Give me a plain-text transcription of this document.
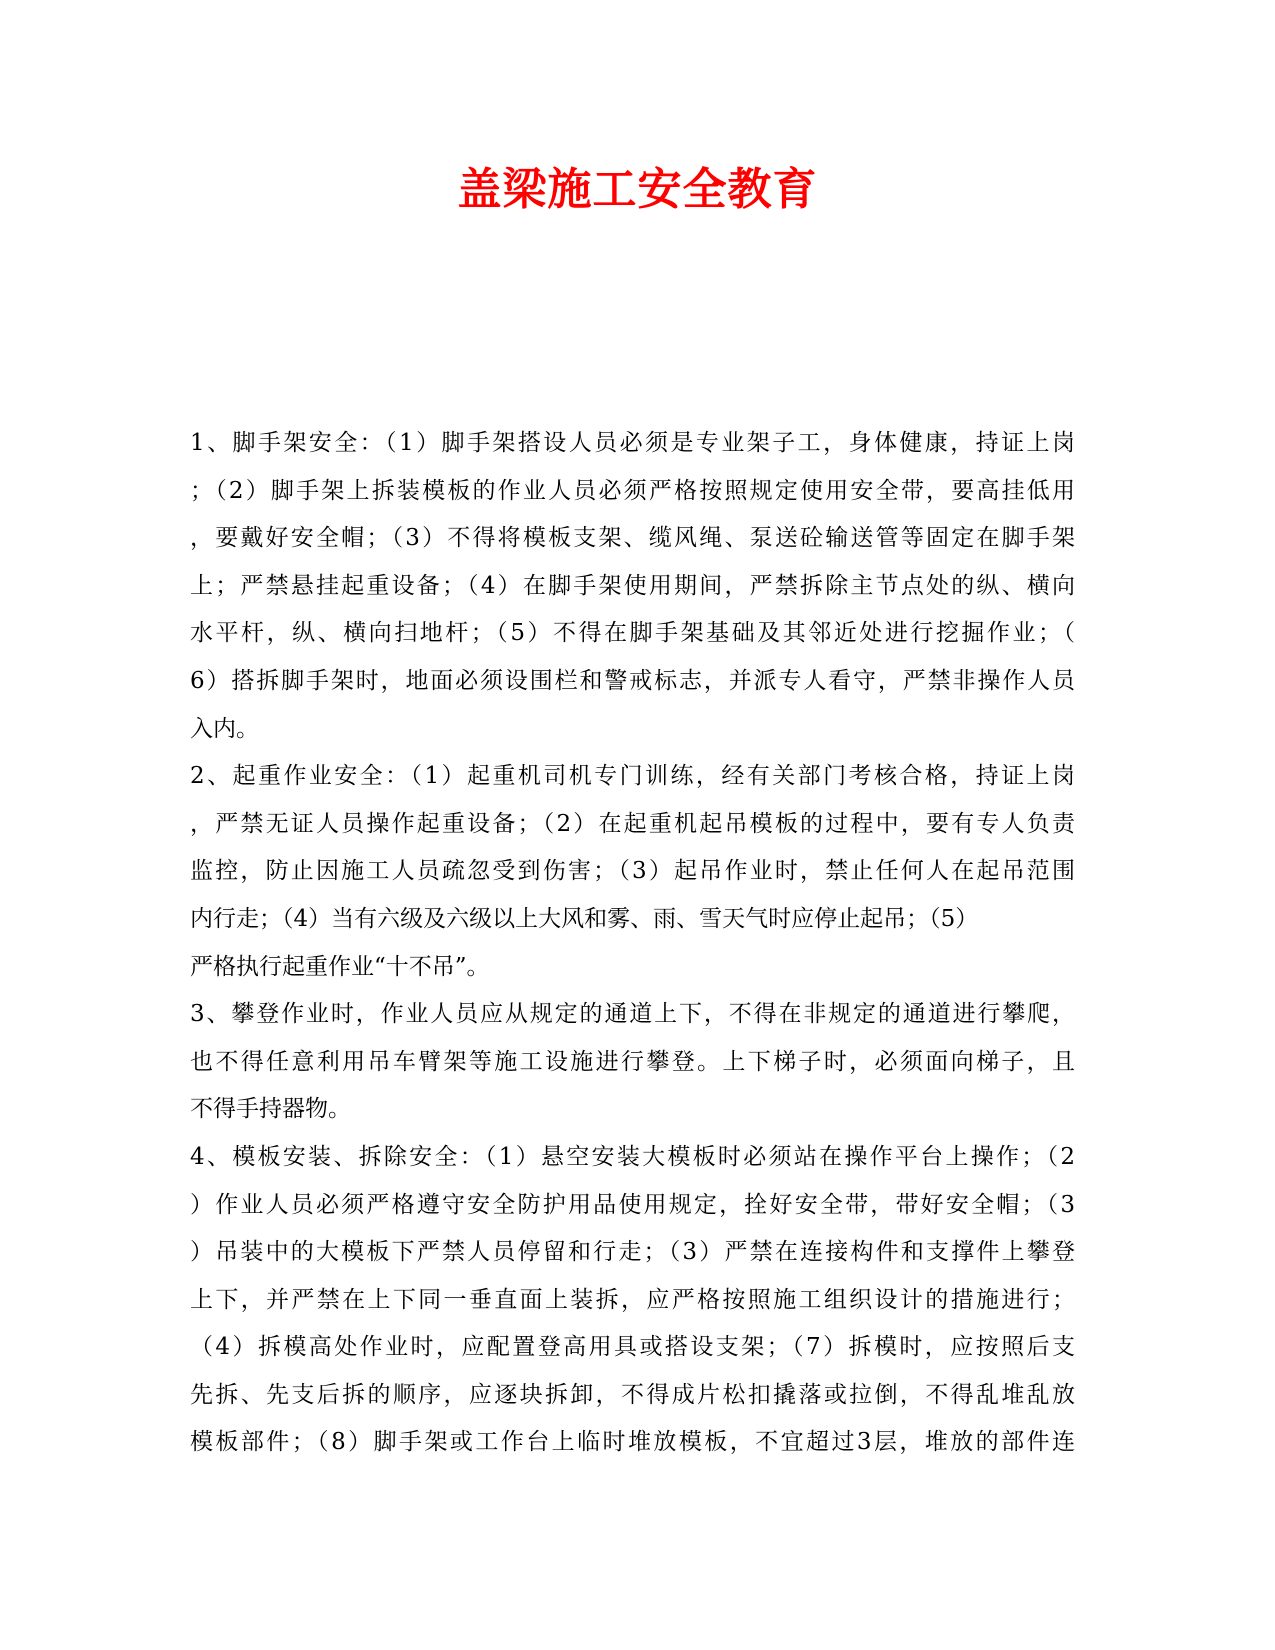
盖梁施工安全教育
1、脚手架安全：（1）脚手架搭设人员必须是专业架子工，身体健康，持证上岗
；（2）脚手架上拆装模板的作业人员必须严格按照规定使用安全带，要高挂低用
，要戴好安全帽；（3）不得将模板支架、缆风绳、泵送砼输送管等固定在脚手架
上；严禁悬挂起重设备；（4）在脚手架使用期间，严禁拆除主节点处的纵、横向
水平杆，纵、横向扫地杆；（5）不得在脚手架基础及其邻近处进行挖掘作业；（
6）搭拆脚手架时，地面必须设围栏和警戒标志，并派专人看守，严禁非操作人员
入内。
2、起重作业安全：（1）起重机司机专门训练，经有关部门考核合格，持证上岗
，严禁无证人员操作起重设备；（2）在起重机起吊模板的过程中，要有专人负责
监控，防止因施工人员疏忽受到伤害；（3）起吊作业时，禁止任何人在起吊范围
内行走；（4）当有六级及六级以上大风和雾、雨、雪天气时应停止起吊；（5）
严格执行起重作业“十不吊”。
3、攀登作业时，作业人员应从规定的通道上下，不得在非规定的通道进行攀爬，
也不得任意利用吊车臂架等施工设施进行攀登。上下梯子时，必须面向梯子，且
不得手持器物。
4、模板安装、拆除安全：（1）悬空安装大模板时必须站在操作平台上操作；（2
）作业人员必须严格遵守安全防护用品使用规定，拴好安全带，带好安全帽；（3
）吊装中的大模板下严禁人员停留和行走；（3）严禁在连接构件和支撑件上攀登
上下，并严禁在上下同一垂直面上装拆，应严格按照施工组织设计的措施进行；
（4）拆模高处作业时，应配置登高用具或搭设支架；（7）拆模时，应按照后支
先拆、先支后拆的顺序，应逐块拆卸，不得成片松扣撬落或拉倒，不得乱堆乱放
模板部件；（8）脚手架或工作台上临时堆放模板，不宜超过3层，堆放的部件连
